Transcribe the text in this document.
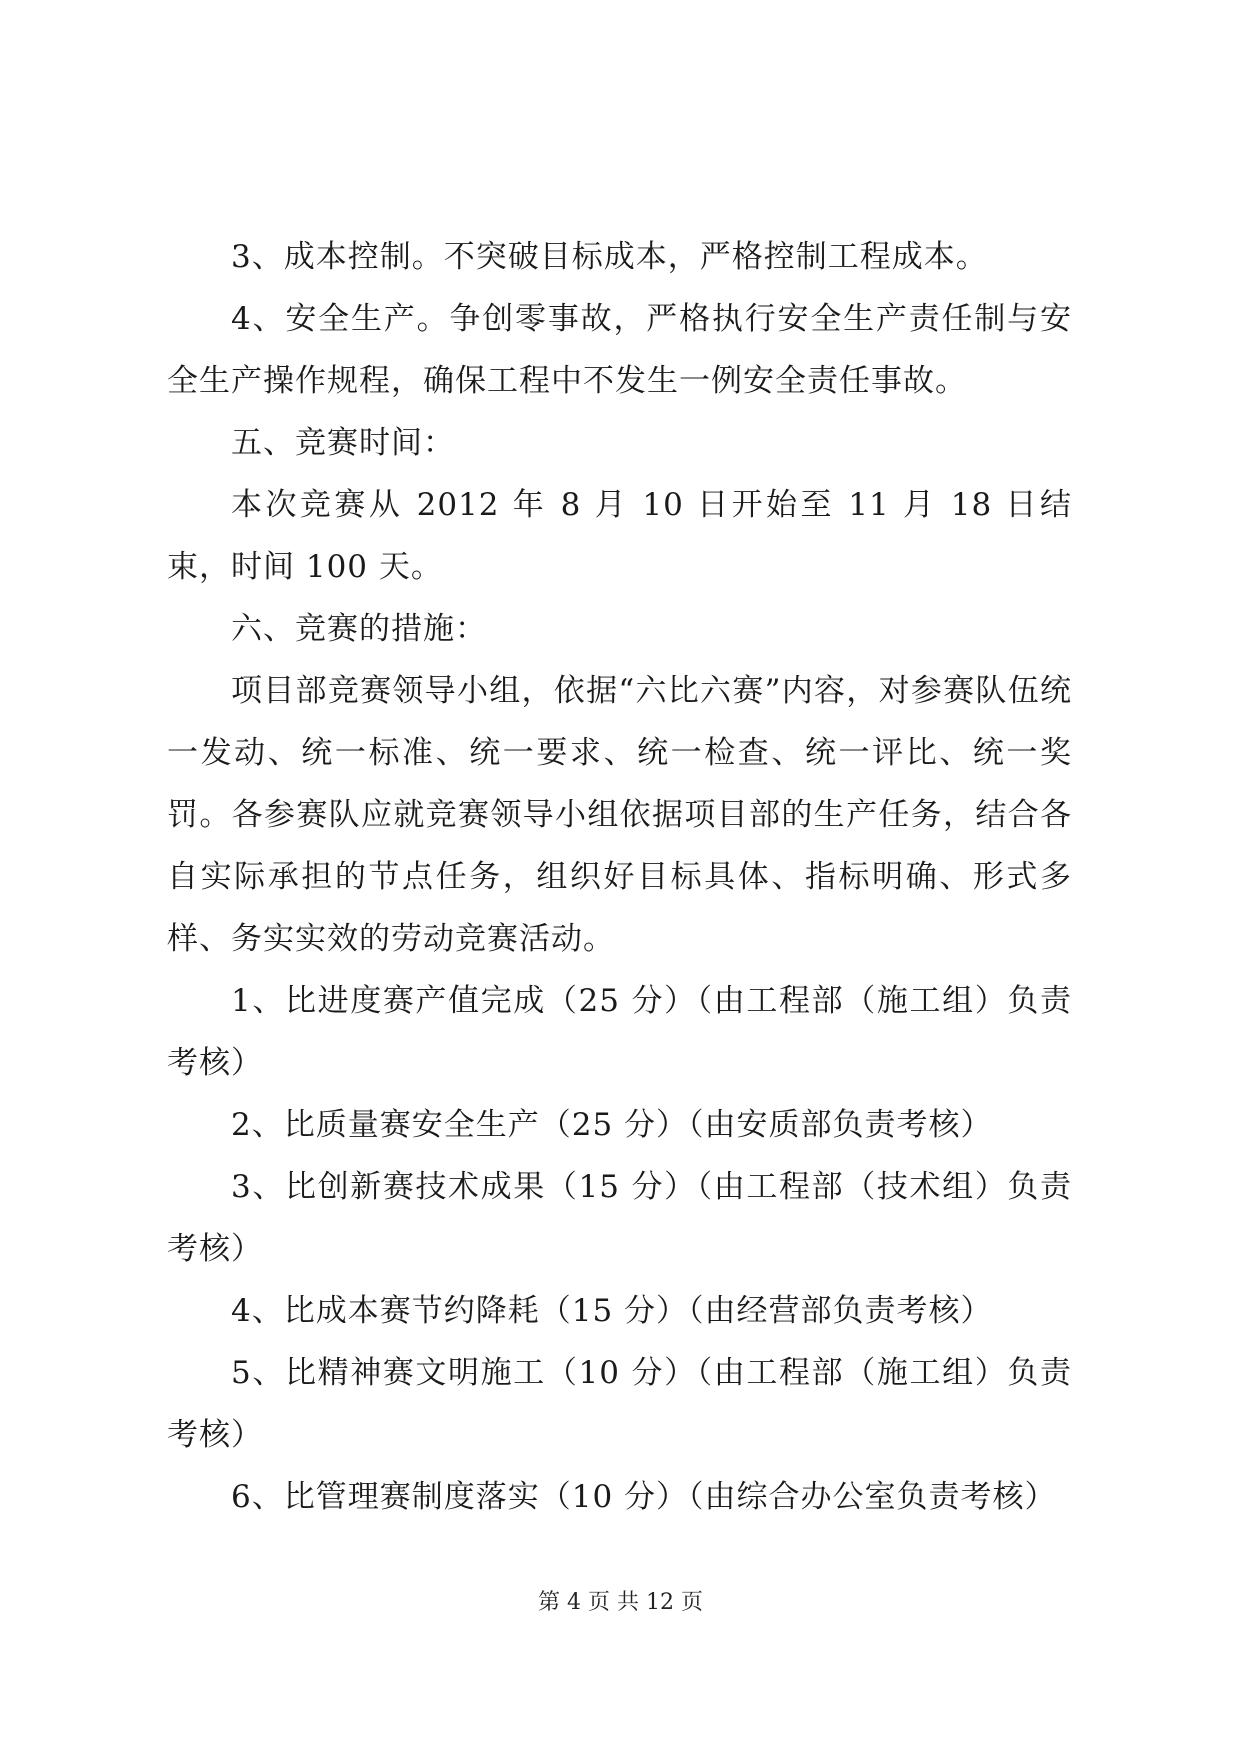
3、成本控制。不突破目标成本，严格控制工程成本。

4、安全生产。争创零事故，严格执行安全生产责任制与安全生产操作规程，确保工程中不发生一例安全责任事故。

五、竞赛时间：

本次竞赛从 2012 年 8 月 10 日开始至 11 月 18 日结束，时间 100 天。

六、竞赛的措施：

项目部竞赛领导小组，依据“六比六赛”内容，对参赛队伍统一发动、统一标准、统一要求、统一检查、统一评比、统一奖罚。各参赛队应就竞赛领导小组依据项目部的生产任务，结合各自实际承担的节点任务，组织好目标具体、指标明确、形式多样、务实实效的劳动竞赛活动。

1、比进度赛产值完成（25 分）（由工程部（施工组）负责考核）

2、比质量赛安全生产（25 分）（由安质部负责考核）

3、比创新赛技术成果（15 分）（由工程部（技术组）负责考核）

4、比成本赛节约降耗（15 分）（由经营部负责考核）

5、比精神赛文明施工（10 分）（由工程部（施工组）负责考核）

6、比管理赛制度落实（10 分）（由综合办公室负责考核）

第 4 页 共 12 页
